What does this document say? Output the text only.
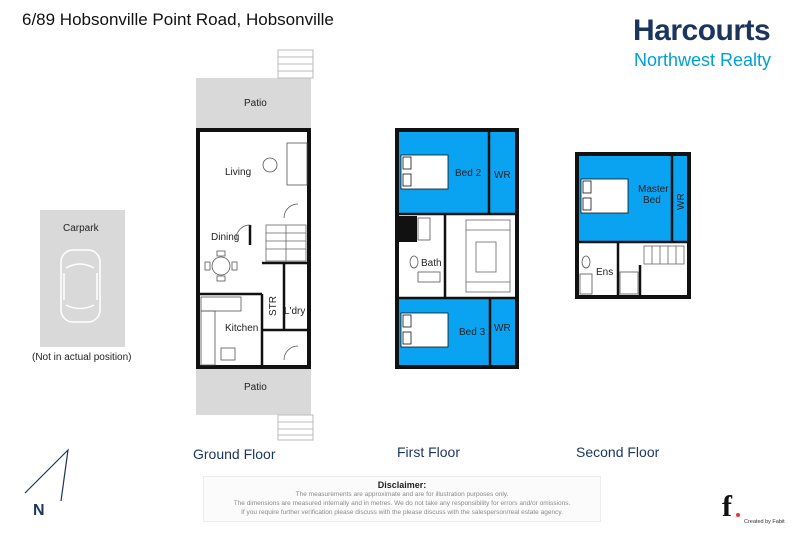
6/89 Hobsonville Point Road, Hobsonville	Harcourts
Northwest Realty
Carpark
(Not in actual position)
Living
Dining
Kitchen
STR L'dry
Patio
Patio
Bed 2 WR
Bath
Bed 3 WR
Master
Bed WR
Ens
Ground Floor	First Floor	Second Floor
N
Disclaimer:
The measurements are approximate and are for illustration purposes only.
The dimensions are measured internally and in metres. We do not take any responsibility for errors and/or omissions.
If you require further verification please discuss with the please discuss with the salesperson/real estate agency.	f Created by Fabit
